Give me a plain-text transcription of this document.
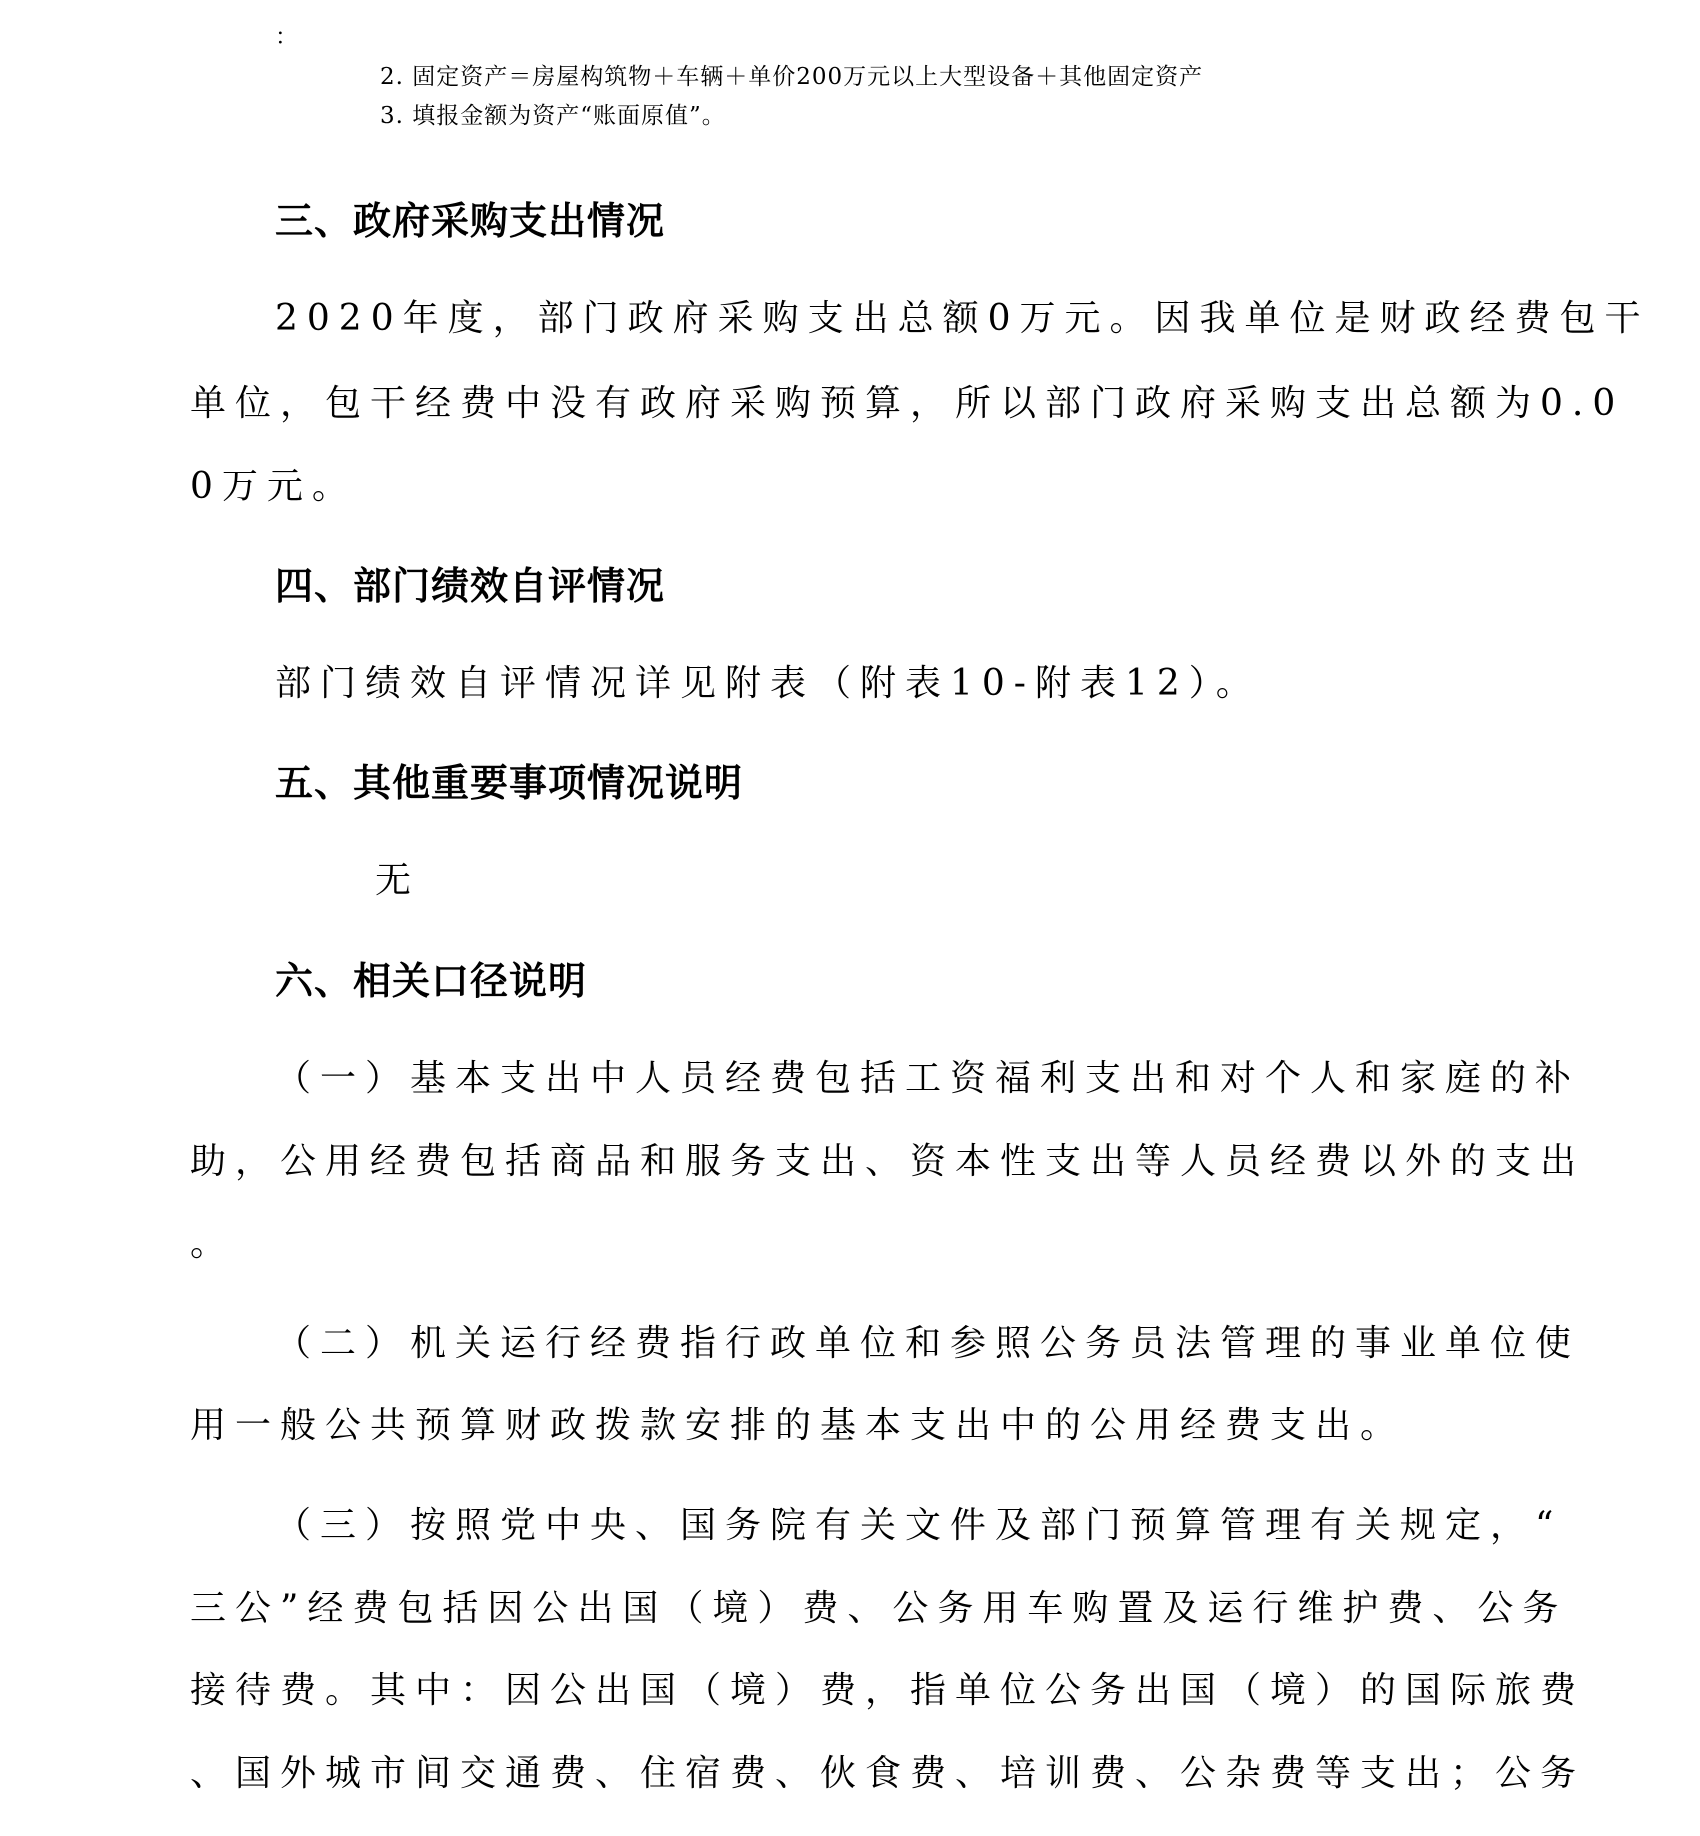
：

2. 固定资产＝房屋构筑物＋车辆＋单价200万元以上大型设备＋其他固定资产

3. 填报金额为资产“账面原值”。

三、政府采购支出情况

2020年度，部门政府采购支出总额0万元。因我单位是财政经费包干

单位，包干经费中没有政府采购预算，所以部门政府采购支出总额为0.0

0万元。

四、部门绩效自评情况

部门绩效自评情况详见附表（附表10-附表12）。

五、其他重要事项情况说明

无

六、相关口径说明

（一）基本支出中人员经费包括工资福利支出和对个人和家庭的补

助，公用经费包括商品和服务支出、资本性支出等人员经费以外的支出

。

（二）机关运行经费指行政单位和参照公务员法管理的事业单位使

用一般公共预算财政拨款安排的基本支出中的公用经费支出。

（三）按照党中央、国务院有关文件及部门预算管理有关规定，“

三公”经费包括因公出国（境）费、公务用车购置及运行维护费、公务

接待费。其中：因公出国（境）费，指单位公务出国（境）的国际旅费

、国外城市间交通费、住宿费、伙食费、培训费、公杂费等支出；公务
